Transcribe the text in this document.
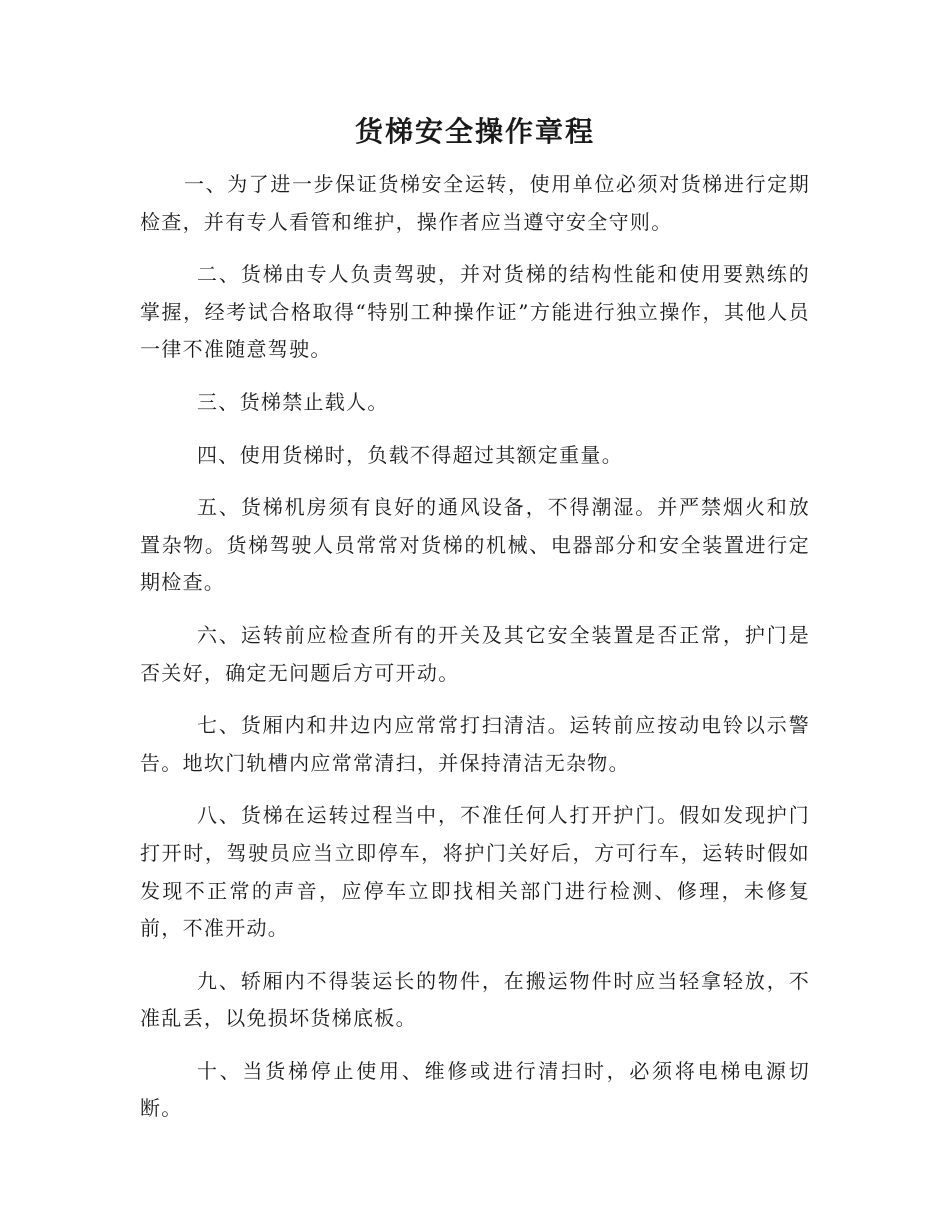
货梯安全操作章程

一、为了进一步保证货梯安全运转，使用单位必须对货梯进行定期检查，并有专人看管和维护，操作者应当遵守安全守则。

二、货梯由专人负责驾驶，并对货梯的结构性能和使用要熟练的掌握，经考试合格取得“特别工种操作证”方能进行独立操作，其他人员一律不准随意驾驶。

三、货梯禁止载人。

四、使用货梯时，负载不得超过其额定重量。

五、货梯机房须有良好的通风设备，不得潮湿。并严禁烟火和放置杂物。货梯驾驶人员常常对货梯的机械、电器部分和安全装置进行定期检查。

六、运转前应检查所有的开关及其它安全装置是否正常，护门是否关好，确定无问题后方可开动。

七、货厢内和井边内应常常打扫清洁。运转前应按动电铃以示警告。地坎门轨槽内应常常清扫，并保持清洁无杂物。

八、货梯在运转过程当中，不准任何人打开护门。假如发现护门打开时，驾驶员应当立即停车，将护门关好后，方可行车，运转时假如发现不正常的声音，应停车立即找相关部门进行检测、修理，未修复前，不准开动。

九、轿厢内不得装运长的物件，在搬运物件时应当轻拿轻放，不准乱丢，以免损坏货梯底板。

十、当货梯停止使用、维修或进行清扫时，必须将电梯电源切断。
